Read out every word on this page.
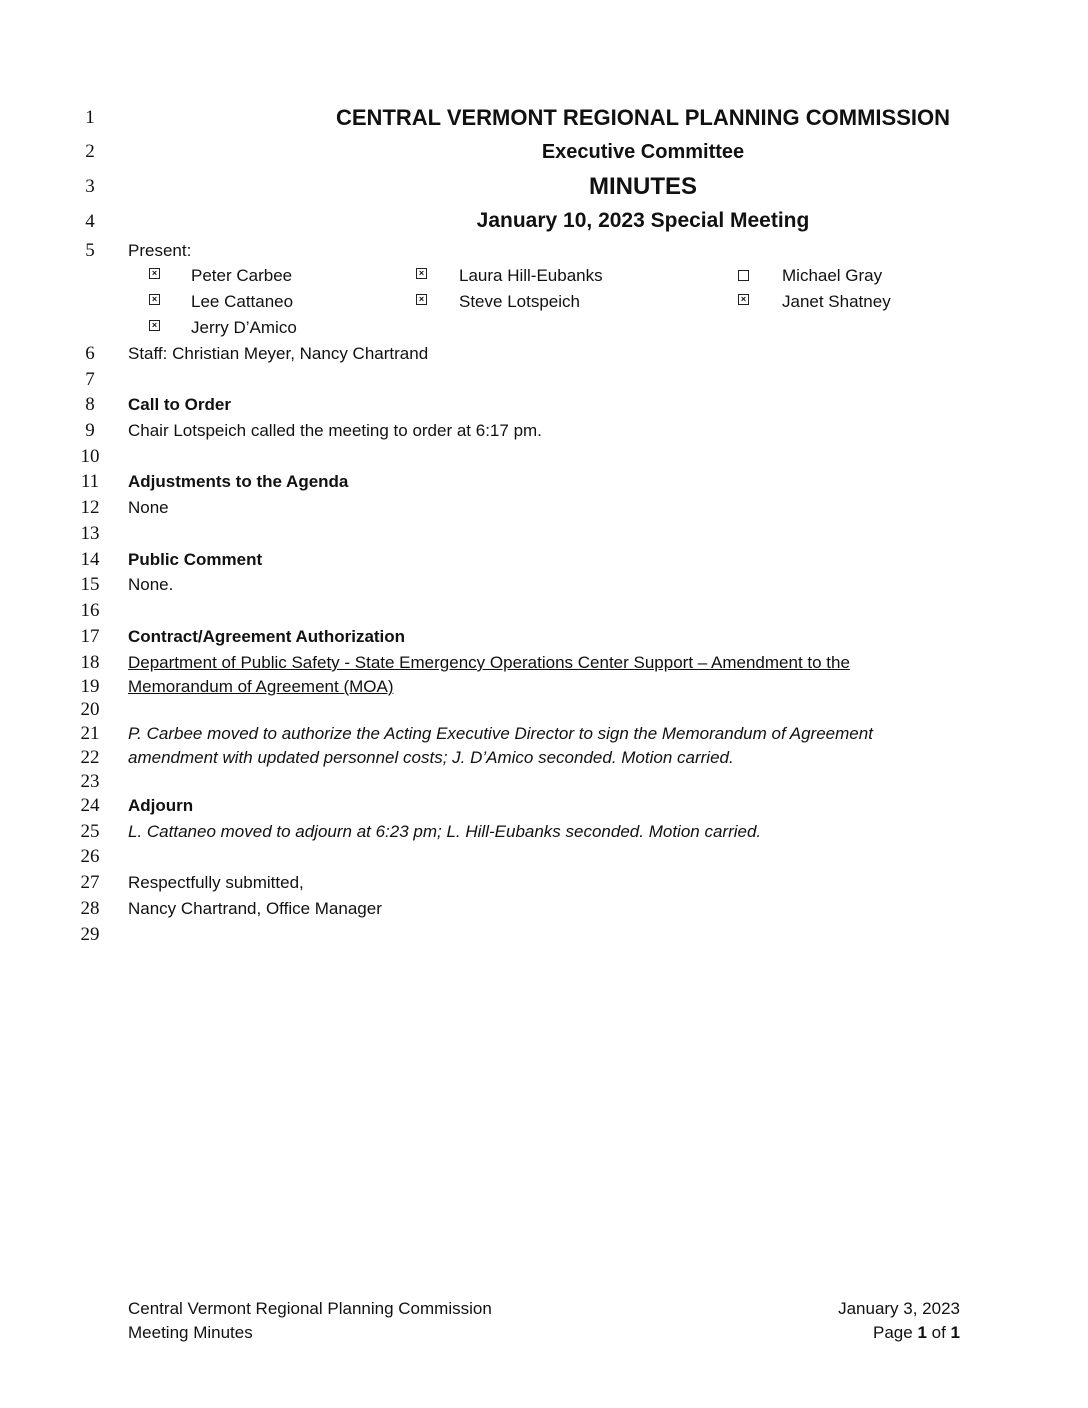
1
2
3
4
5
6
7
8
9
10
11
12
13
14
15
16
17
18
19
20
21
22
23
24
25
26
27
28
29
CENTRAL VERMONT REGIONAL PLANNING COMMISSION
Executive Committee
MINUTES
January 10, 2023 Special Meeting
Present:
×
Peter Carbee ×	Laura Hill-Eubanks	Michael Gray
×
Lee Cattaneo ×	Steve Lotspeich ×	Janet Shatney
×
Jerry D’Amico
Staff: Christian Meyer, Nancy Chartrand
Call to Order
Chair Lotspeich called the meeting to order at 6:17 pm.
Adjustments to the Agenda
None
Public Comment
None.
Contract/Agreement Authorization
Department of Public Safety - State Emergency Operations Center Support – Amendment to the
Memorandum of Agreement (MOA)
P. Carbee moved to authorize the Acting Executive Director to sign the Memorandum of Agreement
amendment with updated personnel costs; J. D’Amico seconded. Motion carried.
Adjourn
L. Cattaneo moved to adjourn at 6:23 pm; L. Hill-Eubanks seconded. Motion carried.
Respectfully submitted,
Nancy Chartrand, Office Manager
Central Vermont Regional Planning Commission
Meeting Minutes
January 3, 2023
Page 1 of 1
